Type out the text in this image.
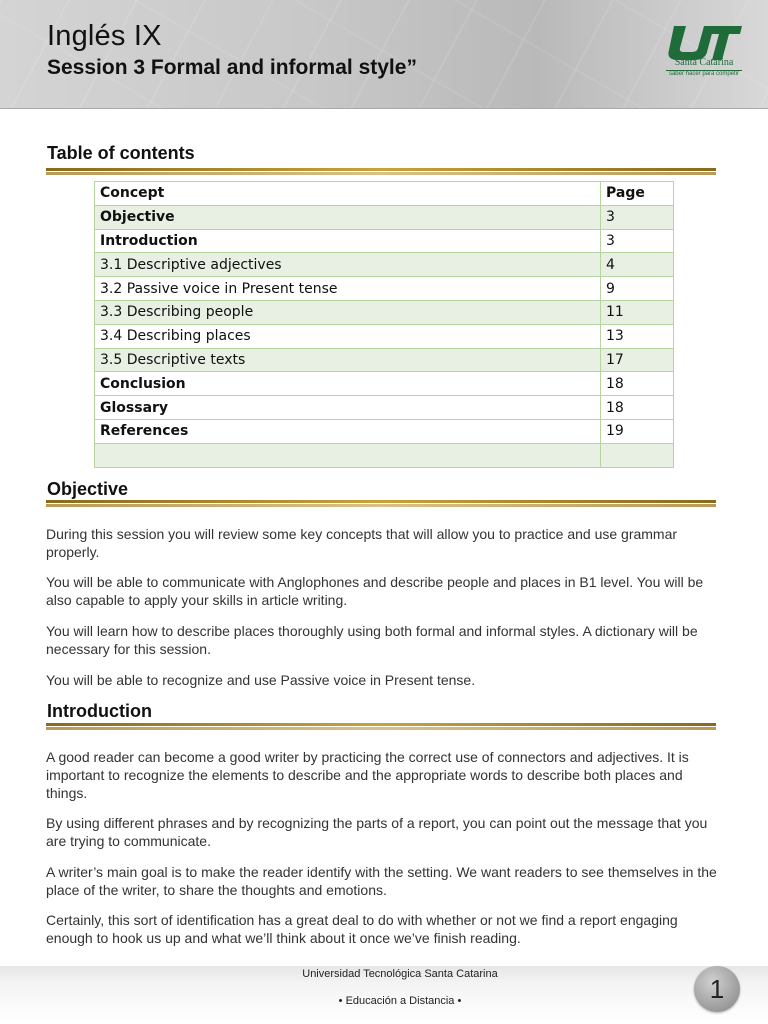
Inglés IX
Session 3 Formal and informal style”	Santa Catarina
saber hacer para competir
Table of contents
Concept	Page
Objective	3
Introduction	3
3.1 Descriptive adjectives	4
3.2 Passive voice in Present tense	9
3.3 Describing people	11
3.4 Describing places	13
3.5 Descriptive texts	17
Conclusion	18
Glossary	18
References	19

Objective

During this session you will review some key concepts that will allow you to practice and use grammar properly.

You will be able to communicate with Anglophones and describe people and places in B1 level. You will be also capable to apply your skills in article writing.

You will learn how to describe places thoroughly using both formal and informal styles. A dictionary will be necessary for this session.

You will be able to recognize and use Passive voice in Present tense.

Introduction

A good reader can become a good writer by practicing the correct use of connectors and adjectives. It is important to recognize the elements to describe and the appropriate words to describe both places and things.

By using different phrases and by recognizing the parts of a report, you can point out the message that you are trying to communicate.

A writer’s main goal is to make the reader identify with the setting. We want readers to see themselves in the place of the writer, to share the thoughts and emotions.

Certainly, this sort of identification has a great deal to do with whether or not we find a report engaging enough to hook us up and what we’ll think about it once we’ve finish reading.

Universidad Tecnológica Santa Catarina
• Educación a Distancia •	1
